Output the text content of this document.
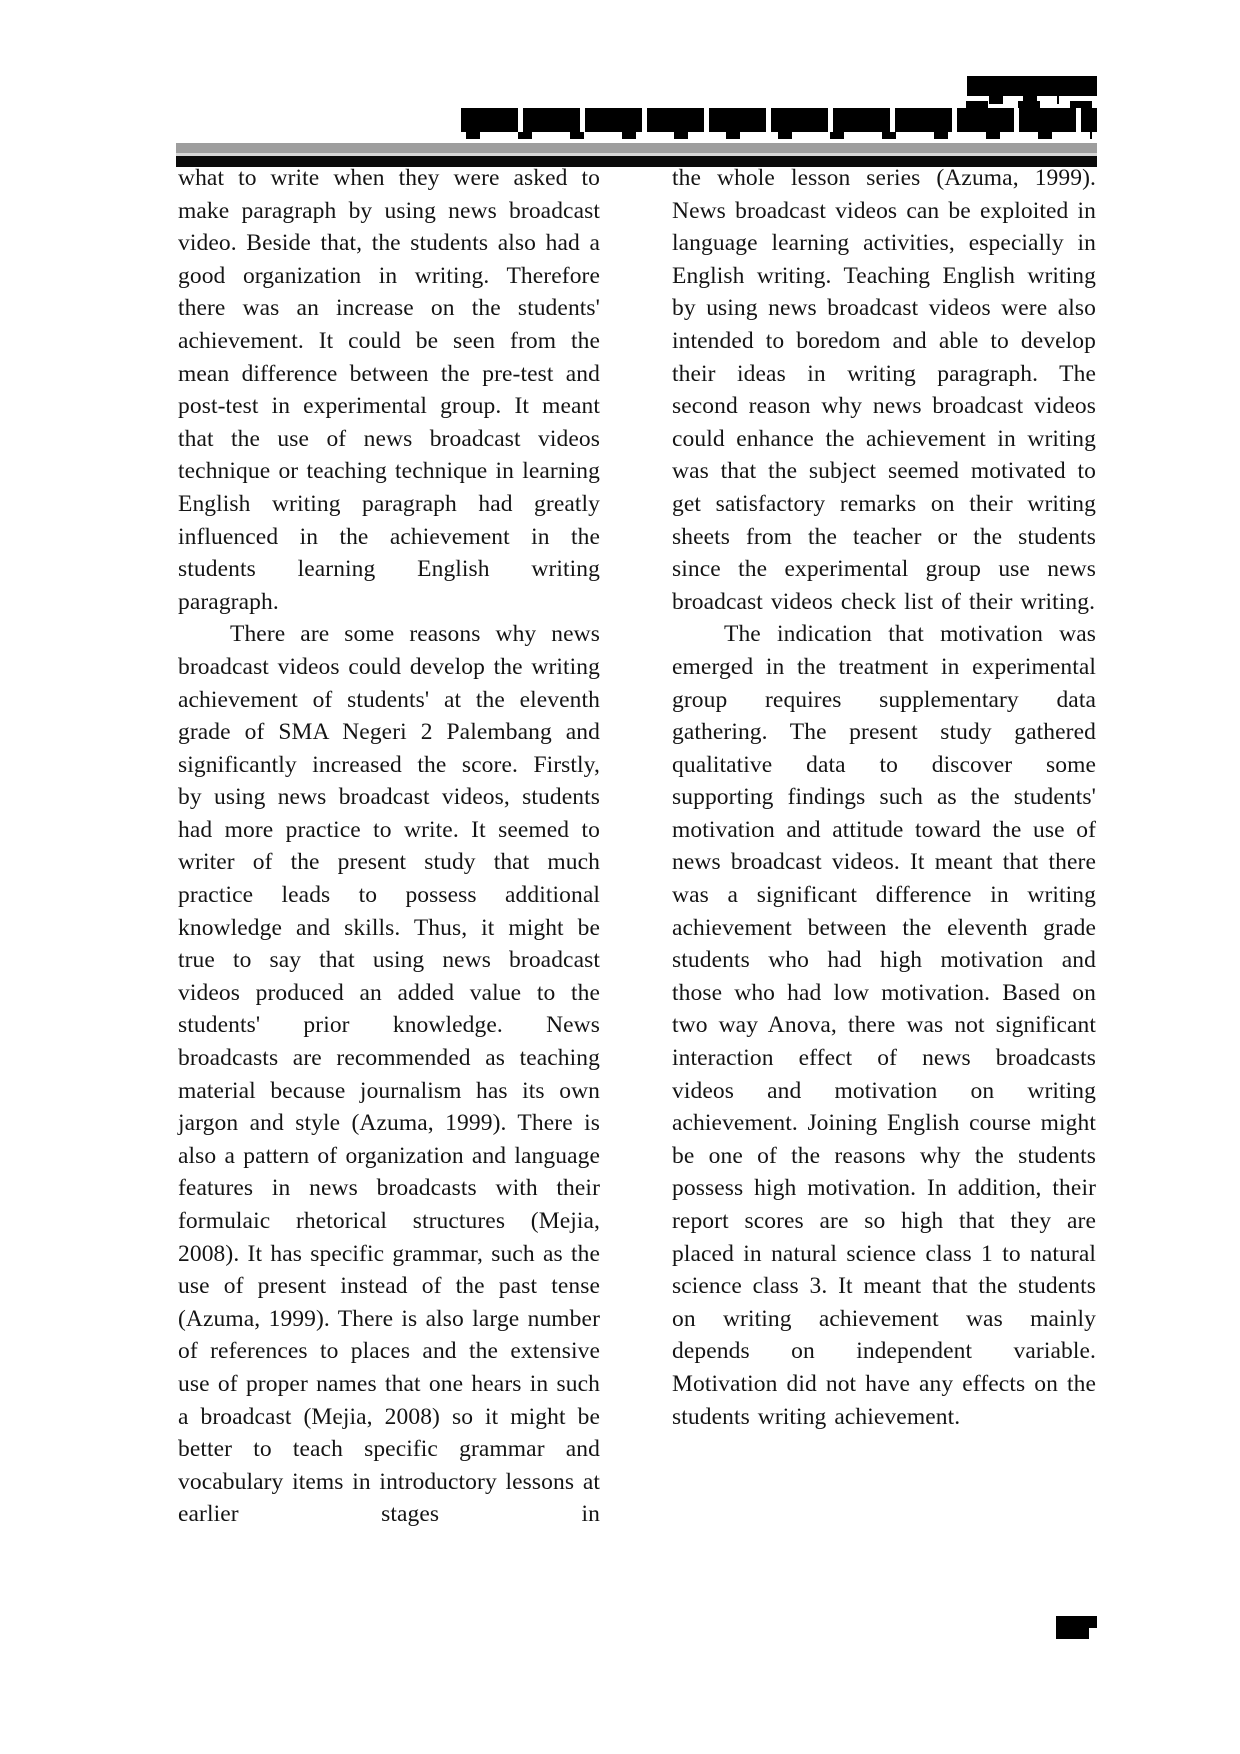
what to write when they were asked to make paragraph by using news broadcast video. Beside that, the students also had a good organization in writing. Therefore there was an increase on the students' achievement. It could be seen from the mean difference between the pre-test and post-test in experimental group. It meant that the use of news broadcast videos technique or teaching technique in learning English writing paragraph had greatly influenced in the achievement in the students learning English writing paragraph.

There are some reasons why news broadcast videos could develop the writing achievement of students' at the eleventh grade of SMA Negeri 2 Palembang and significantly increased the score. Firstly, by using news broadcast videos, students had more practice to write. It seemed to writer of the present study that much practice leads to possess additional knowledge and skills. Thus, it might be true to say that using news broadcast videos produced an added value to the students' prior knowledge. News broadcasts are recommended as teaching material because journalism has its own jargon and style (Azuma, 1999). There is also a pattern of organization and language features in news broadcasts with their formulaic rhetorical structures (Mejia, 2008). It has specific grammar, such as the use of present instead of the past tense (Azuma, 1999). There is also large number of references to places and the extensive use of proper names that one hears in such a broadcast (Mejia, 2008) so it might be better to teach specific grammar and vocabulary items in introductory lessons at earlier stages in

the whole lesson series (Azuma, 1999). News broadcast videos can be exploited in language learning activities, especially in English writing. Teaching English writing by using news broadcast videos were also intended to boredom and able to develop their ideas in writing paragraph. The second reason why news broadcast videos could enhance the achievement in writing was that the subject seemed motivated to get satisfactory remarks on their writing sheets from the teacher or the students since the experimental group use news broadcast videos check list of their writing.

The indication that motivation was emerged in the treatment in experimental group requires supplementary data gathering. The present study gathered qualitative data to discover some supporting findings such as the students' motivation and attitude toward the use of news broadcast videos. It meant that there was a significant difference in writing achievement between the eleventh grade students who had high motivation and those who had low motivation. Based on two way Anova, there was not significant interaction effect of news broadcasts videos and motivation on writing achievement. Joining English course might be one of the reasons why the students possess high motivation. In addition, their report scores are so high that they are placed in natural science class 1 to natural science class 3. It meant that the students on writing achievement was mainly depends on independent variable. Motivation did not have any effects on the students writing achievement.
